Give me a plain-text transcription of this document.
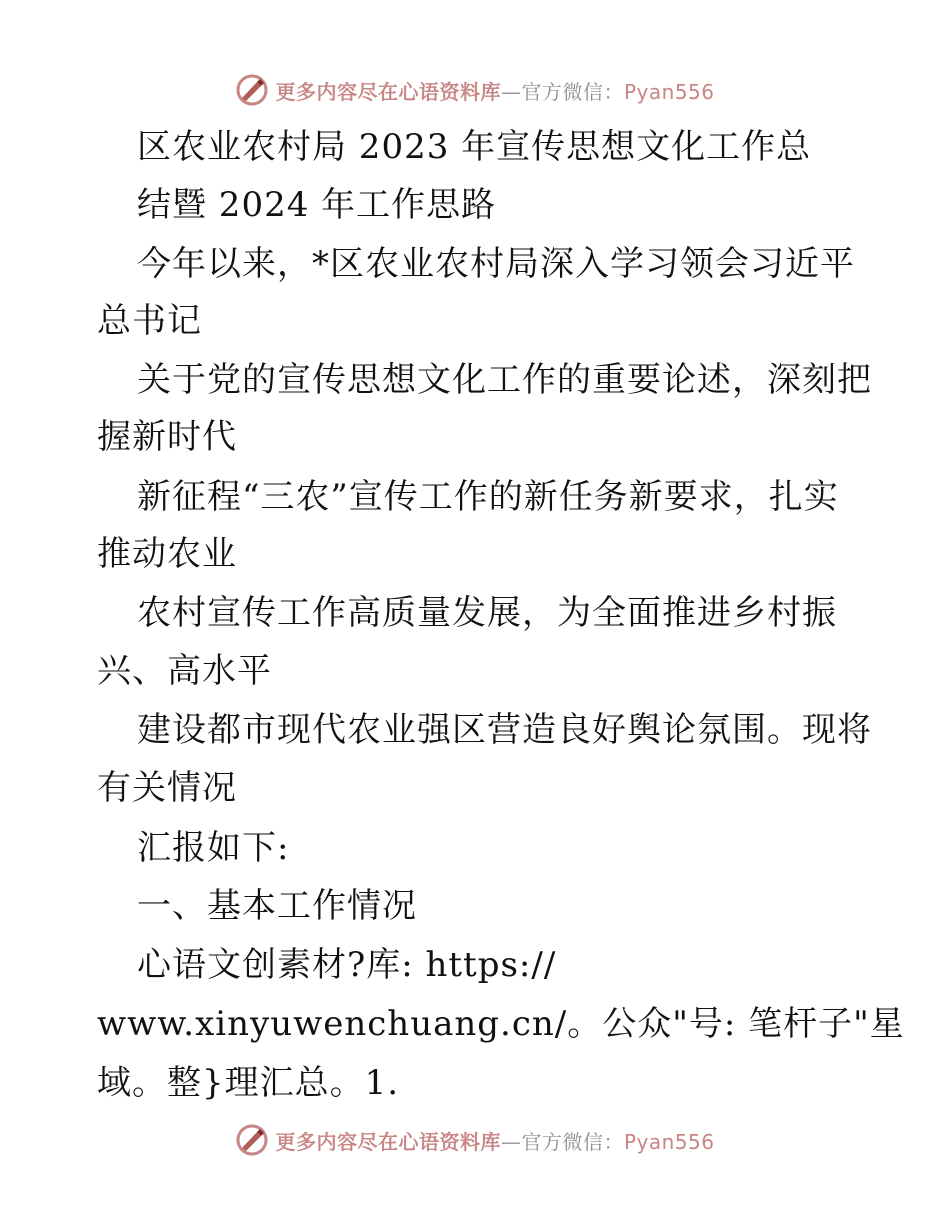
更多内容尽在心语资料库—官方微信：Pyan556
区农业农村局 2023 年宣传思想文化工作总
结暨 2024 年工作思路
今年以来，*区农业农村局深入学习领会习近平
总书记
关于党的宣传思想文化工作的重要论述，深刻把
握新时代
新征程“三农”宣传工作的新任务新要求，扎实
推动农业
农村宣传工作高质量发展，为全面推进乡村振
兴、高水平
建设都市现代农业强区营造良好舆论氛围。现将
有关情况
汇报如下:
一、基本工作情况
心语文创素材?库: https://
www.xinyuwenchuang.cn/。公众"号: 笔杆子"星
域。整}理汇总。1.
更多内容尽在心语资料库—官方微信：Pyan556
